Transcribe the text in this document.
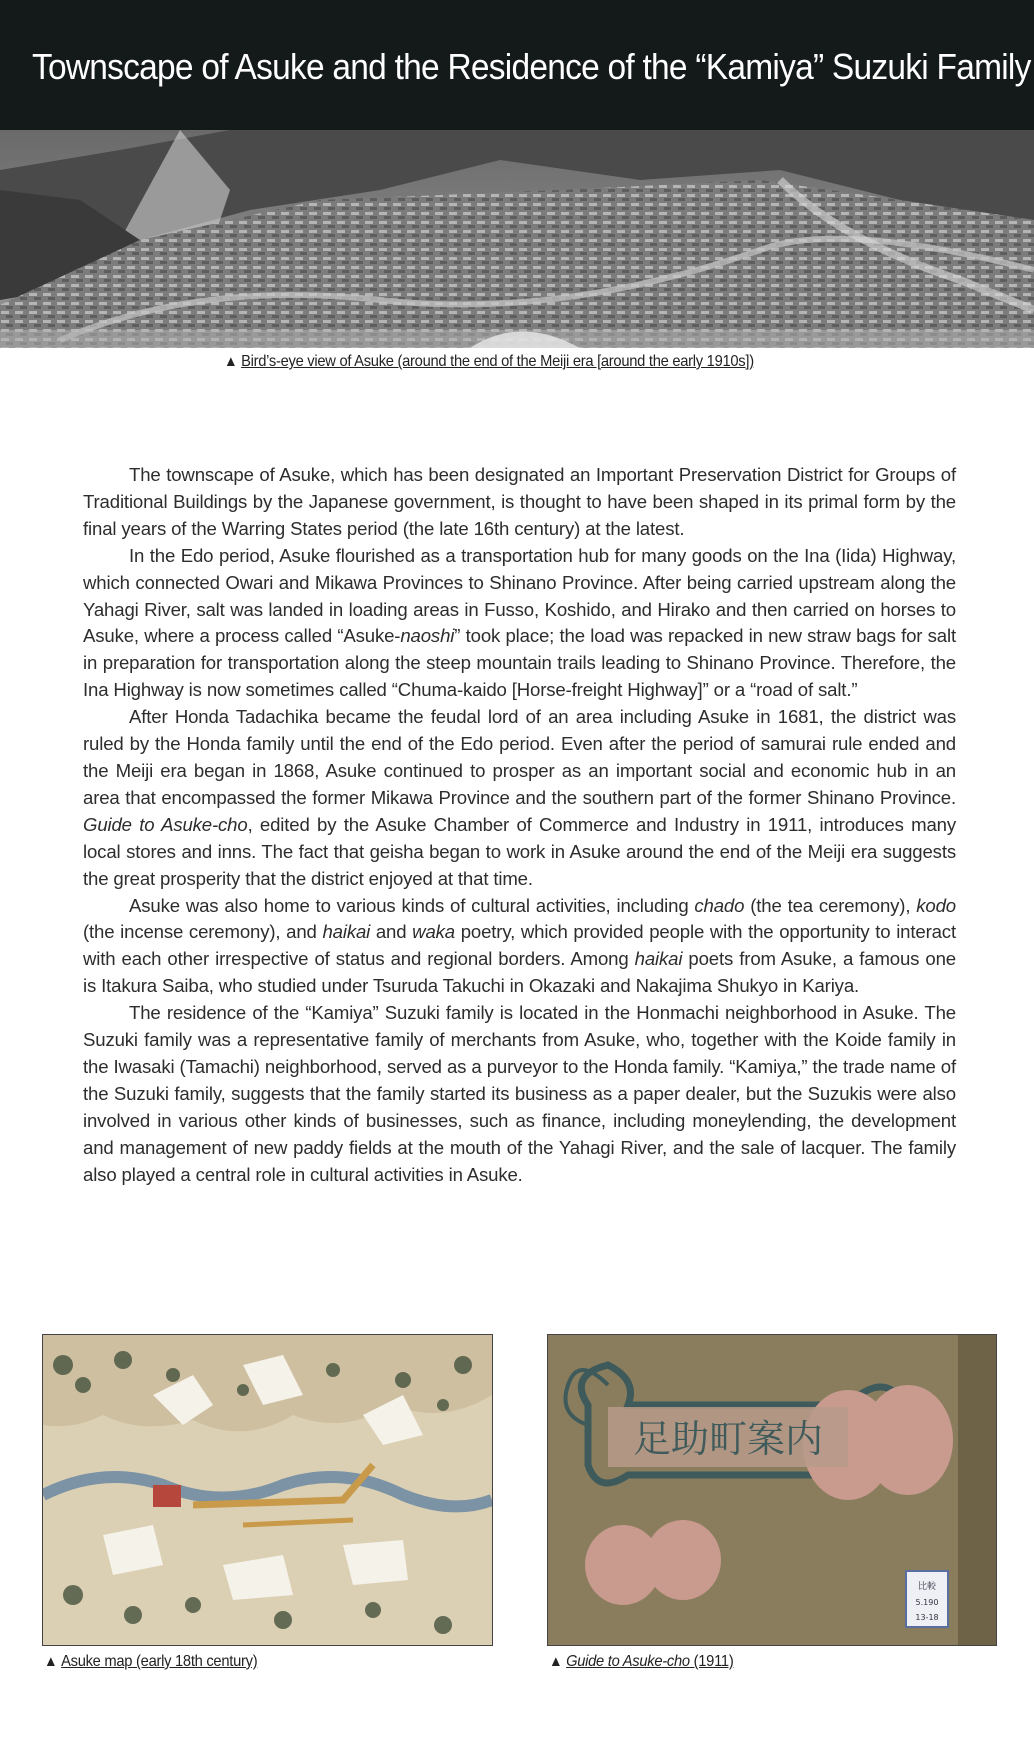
Townscape of Asuke and the Residence of the “Kamiya” Suzuki Family
▲ Bird’s-eye view of Asuke (around the end of the Meiji era [around the early 1910s])

The townscape of Asuke, which has been designated an Important Preservation District for Groups of Traditional Buildings by the Japanese government, is thought to have been shaped in its primal form by the final years of the Warring States period (the late 16th century) at the latest.

In the Edo period, Asuke flourished as a transportation hub for many goods on the Ina (Iida) Highway, which connected Owari and Mikawa Provinces to Shinano Province. After being carried upstream along the Yahagi River, salt was landed in loading areas in Fusso, Koshido, and Hirako and then carried on horses to Asuke, where a process called “Asuke-naoshi” took place; the load was repacked in new straw bags for salt in preparation for transportation along the steep mountain trails leading to Shinano Province. Therefore, the Ina Highway is now sometimes called “Chuma-kaido [Horse-freight Highway]” or a “road of salt.”

After Honda Tadachika became the feudal lord of an area including Asuke in 1681, the district was ruled by the Honda family until the end of the Edo period. Even after the period of samurai rule ended and the Meiji era began in 1868, Asuke continued to prosper as an important social and economic hub in an area that encompassed the former Mikawa Province and the southern part of the former Shinano Province. Guide to Asuke-cho, edited by the Asuke Chamber of Commerce and Industry in 1911, introduces many local stores and inns. The fact that geisha began to work in Asuke around the end of the Meiji era suggests the great prosperity that the district enjoyed at that time.

Asuke was also home to various kinds of cultural activities, including chado (the tea ceremony), kodo (the incense ceremony), and haikai and waka poetry, which provided people with the opportunity to interact with each other irrespective of status and regional borders. Among haikai poets from Asuke, a famous one is Itakura Saiba, who studied under Tsuruda Takuchi in Okazaki and Nakajima Shukyo in Kariya.

The residence of the “Kamiya” Suzuki family is located in the Honmachi neighborhood in Asuke. The Suzuki family was a representative family of merchants from Asuke, who, together with the Koide family in the Iwasaki (Tamachi) neighborhood, served as a purveyor to the Honda family. “Kamiya,” the trade name of the Suzuki family, suggests that the family started its business as a paper dealer, but the Suzukis were also involved in various other kinds of businesses, such as finance, including moneylending, the development and management of new paddy fields at the mouth of the Yahagi River, and the sale of lacquer. The family also played a central role in cultural activities in Asuke.

▲ Asuke map (early 18th century)
足助町案内
比較
5.190
13-18
▲ Guide to Asuke-cho (1911)
